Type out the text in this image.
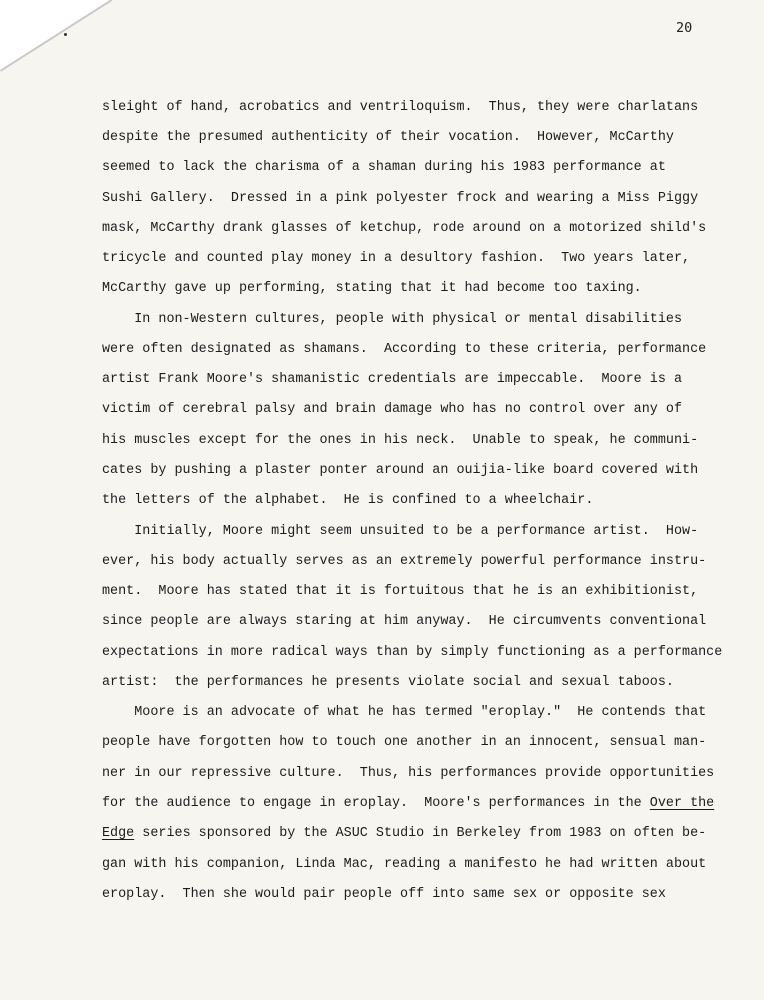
20
sleight of hand, acrobatics and ventriloquism.  Thus, they were charlatans
despite the presumed authenticity of their vocation.  However, McCarthy
seemed to lack the charisma of a shaman during his 1983 performance at
Sushi Gallery.  Dressed in a pink polyester frock and wearing a Miss Piggy
mask, McCarthy drank glasses of ketchup, rode around on a motorized shild's
tricycle and counted play money in a desultory fashion.  Two years later,
McCarthy gave up performing, stating that it had become too taxing.
In non-Western cultures, people with physical or mental disabilities
were often designated as shamans.  According to these criteria, performance
artist Frank Moore's shamanistic credentials are impeccable.  Moore is a
victim of cerebral palsy and brain damage who has no control over any of
his muscles except for the ones in his neck.  Unable to speak, he communi-
cates by pushing a plaster ponter around an ouijia-like board covered with
the letters of the alphabet.  He is confined to a wheelchair.
Initially, Moore might seem unsuited to be a performance artist.  How-
ever, his body actually serves as an extremely powerful performance instru-
ment.  Moore has stated that it is fortuitous that he is an exhibitionist,
since people are always staring at him anyway.  He circumvents conventional
expectations in more radical ways than by simply functioning as a performance
artist:  the performances he presents violate social and sexual taboos.
Moore is an advocate of what he has termed "eroplay."  He contends that
people have forgotten how to touch one another in an innocent, sensual man-
ner in our repressive culture.  Thus, his performances provide opportunities
for the audience to engage in eroplay.  Moore's performances in the Over the
Edge series sponsored by the ASUC Studio in Berkeley from 1983 on often be-
gan with his companion, Linda Mac, reading a manifesto he had written about
eroplay.  Then she would pair people off into same sex or opposite sex
